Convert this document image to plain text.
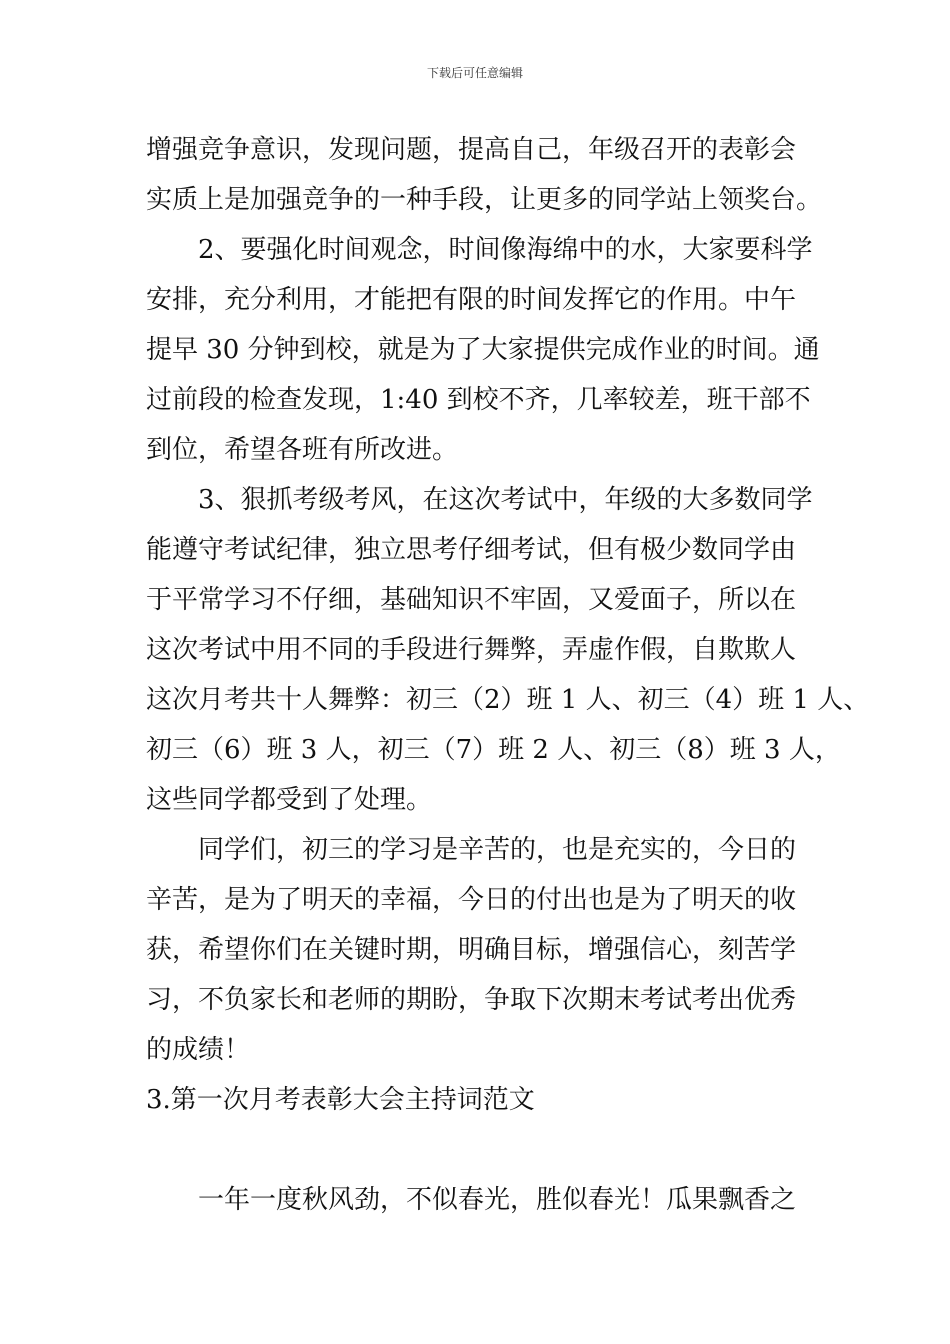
下载后可任意编辑
增强竞争意识，发现问题，提高自己，年级召开的表彰会
实质上是加强竞争的一种手段，让更多的同学站上领奖台。
2、要强化时间观念，时间像海绵中的水，大家要科学
安排，充分利用，才能把有限的时间发挥它的作用。中午
提早 30 分钟到校，就是为了大家提供完成作业的时间。通
过前段的检查发现，1:40 到校不齐，几率较差，班干部不
到位，希望各班有所改进。
3、狠抓考级考风，在这次考试中，年级的大多数同学
能遵守考试纪律，独立思考仔细考试，但有极少数同学由
于平常学习不仔细，基础知识不牢固，又爱面子，所以在
这次考试中用不同的手段进行舞弊，弄虚作假，自欺欺人
这次月考共十人舞弊：初三（2）班 1 人、初三（4）班 1 人、
初三（6）班 3 人，初三（7）班 2 人、初三（8）班 3 人，
这些同学都受到了处理。
同学们，初三的学习是辛苦的，也是充实的，今日的
辛苦，是为了明天的幸福，今日的付出也是为了明天的收
获，希望你们在关键时期，明确目标，增强信心，刻苦学
习，不负家长和老师的期盼，争取下次期末考试考出优秀
的成绩！
3.第一次月考表彰大会主持词范文
一年一度秋风劲，不似春光，胜似春光！瓜果飘香之
